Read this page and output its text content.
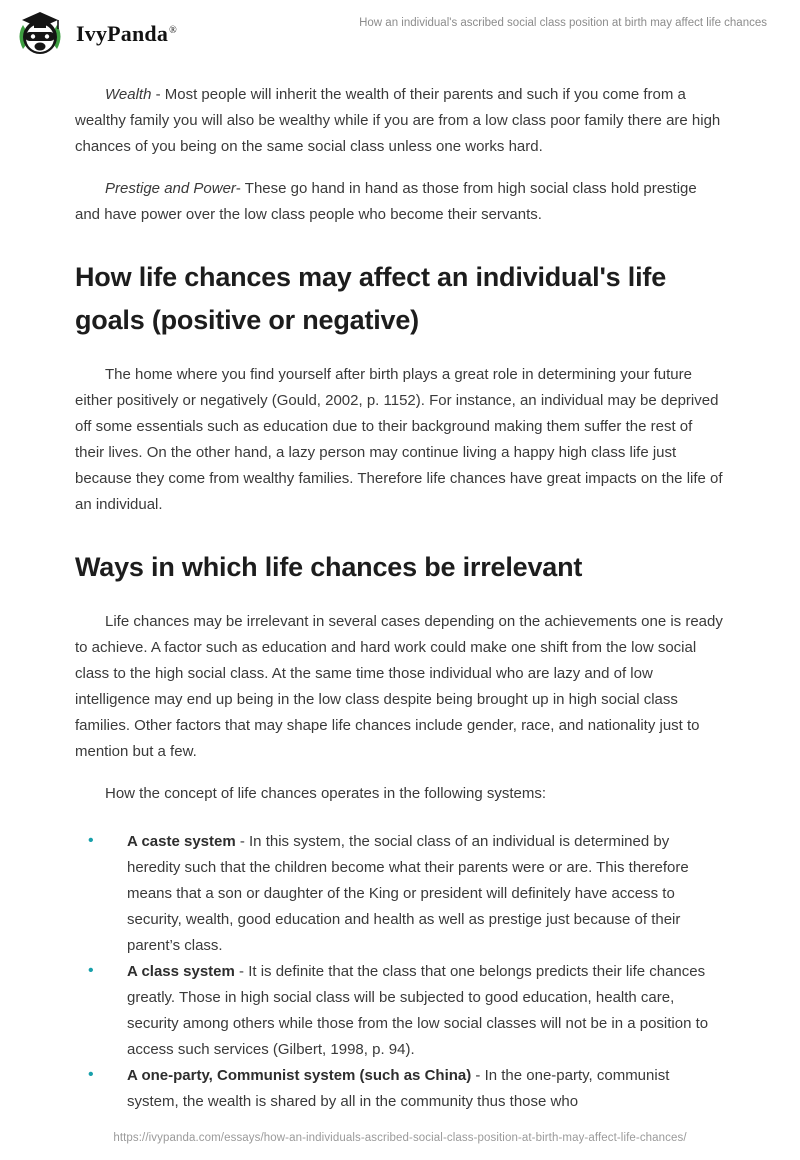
IvyPanda®
How an individual's ascribed social class position at birth may affect life chances

Wealth - Most people will inherit the wealth of their parents and such if you come from a wealthy family you will also be wealthy while if you are from a low class poor family there are high chances of you being on the same social class unless one works hard.

Prestige and Power- These go hand in hand as those from high social class hold prestige and have power over the low class people who become their servants.

How life chances may affect an individual's life goals (positive or negative)

The home where you find yourself after birth plays a great role in determining your future either positively or negatively (Gould, 2002, p. 1152). For instance, an individual may be deprived off some essentials such as education due to their background making them suffer the rest of their lives. On the other hand, a lazy person may continue living a happy high class life just because they come from wealthy families. Therefore life chances have great impacts on the life of an individual.

Ways in which life chances be irrelevant

Life chances may be irrelevant in several cases depending on the achievements one is ready to achieve. A factor such as education and hard work could make one shift from the low social class to the high social class. At the same time those individual who are lazy and of low intelligence may end up being in the low class despite being brought up in high social class families. Other factors that may shape life chances include gender, race, and nationality just to mention but a few.

How the concept of life chances operates in the following systems:

• A caste system - In this system, the social class of an individual is determined by heredity such that the children become what their parents were or are. This therefore means that a son or daughter of the King or president will definitely have access to security, wealth, good education and health as well as prestige just because of their parent’s class.
• A class system - It is definite that the class that one belongs predicts their life chances greatly. Those in high social class will be subjected to good education, health care, security among others while those from the low social classes will not be in a position to access such services (Gilbert, 1998, p. 94).
• A one-party, Communist system (such as China) - In the one-party, communist system, the wealth is shared by all in the community thus those who
https://ivypanda.com/essays/how-an-individuals-ascribed-social-class-position-at-birth-may-affect-life-chances/
